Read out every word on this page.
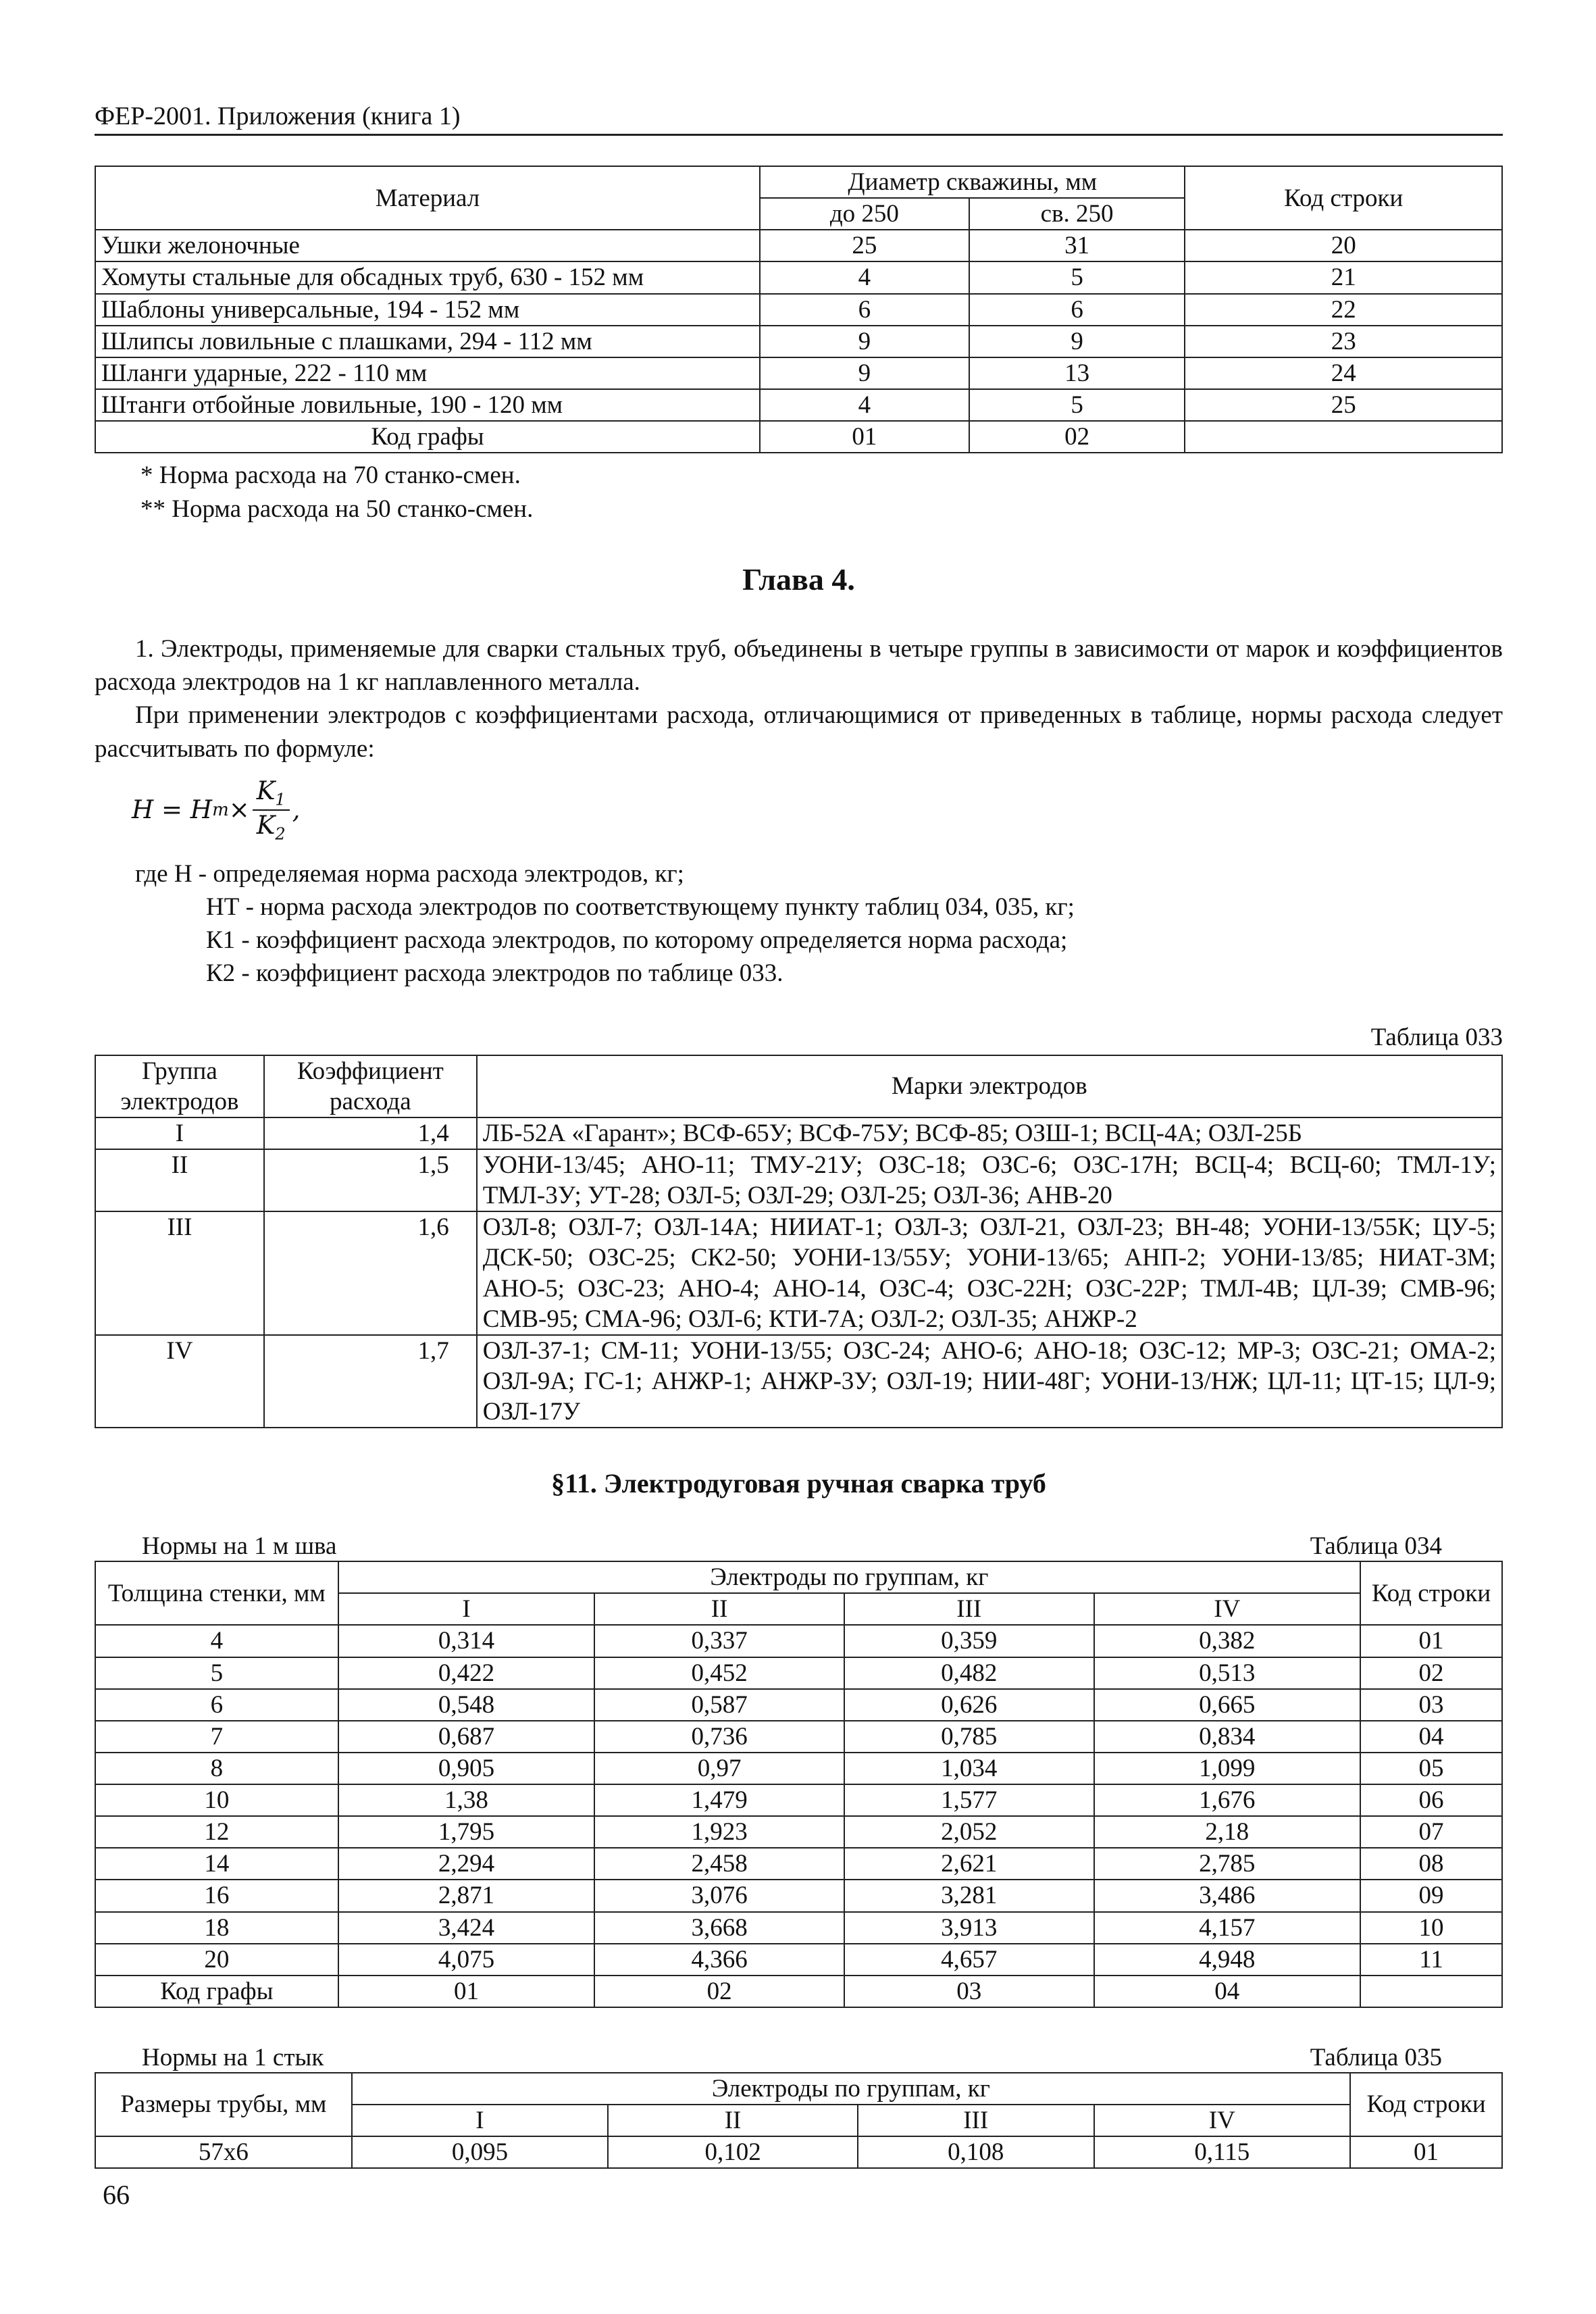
ФЕР-2001. Приложения (книга 1)
Материал	Диаметр скважины, мм		Код строки
	до 250	св. 250	
Ушки желоночные	25	31	20
Хомуты стальные для обсадных труб, 630 - 152 мм	4	5	21
Шаблоны универсальные, 194 - 152 мм	6	6	22
Шлипсы ловильные с плашками, 294 - 112 мм	9	9	23
Шланги ударные, 222 - 110 мм	9	13	24
Штанги отбойные ловильные, 190 - 120 мм	4	5	25
Код графы	01	02	
* Норма расхода на 70 станко-смен.
** Норма расхода на 50 станко-смен.
Глава 4.

1. Электроды, применяемые для сварки стальных труб, объединены в четыре группы в зависимости от марок и коэффициентов расхода электродов на 1 кг наплавленного металла.

При применении электродов с коэффициентами расхода, отличающимися от приведенных в таблице, нормы расхода следует рассчитывать по формуле:

H = H $т \times \frac{K_1}{K_2}$ ,
где Н - определяемая норма расхода электродов, кг;
НТ - норма расхода электродов по соответствующему пункту таблиц 034, 035, кг;
К1 - коэффициент расхода электродов, по которому определяется норма расхода;
К2 - коэффициент расхода электродов по таблице 033.
Таблица 033
Группа электродов	Коэффициент расхода	Марки электродов
I	1,4	ЛБ-52А «Гарант»; ВСФ-65У; ВСФ-75У; ВСФ-85; ОЗШ-1; ВСЦ-4А; ОЗЛ-25Б
II	1,5	УОНИ-13/45; АНО-11; ТМУ-21У; ОЗС-18; ОЗС-6; ОЗС-17Н; ВСЦ-4; ВСЦ-60; ТМЛ-1У; ТМЛ-3У; УТ-28; ОЗЛ-5; ОЗЛ-29; ОЗЛ-25; ОЗЛ-36; АНВ-20
III	1,6	ОЗЛ-8; ОЗЛ-7; ОЗЛ-14А; НИИАТ-1; ОЗЛ-3; ОЗЛ-21, ОЗЛ-23; ВН-48; УОНИ-13/55К; ЦУ-5; ДСК-50; ОЗС-25; СК2-50; УОНИ-13/55У; УОНИ-13/65; АНП-2; УОНИ-13/85; НИАТ-3М; АНО-5; ОЗС-23; АНО-4; АНО-14, ОЗС-4; ОЗС-22Н; ОЗС-22Р; ТМЛ-4В; ЦЛ-39; СМВ-96; СМВ-95; СМА-96; ОЗЛ-6; КТИ-7А; ОЗЛ-2; ОЗЛ-35; АНЖР-2
IV	1,7	ОЗЛ-37-1; СМ-11; УОНИ-13/55; ОЗС-24; АНО-6; АНО-18; ОЗС-12; МР-3; ОЗС-21; ОМА-2; ОЗЛ-9А; ГС-1; АНЖР-1; АНЖР-3У; ОЗЛ-19; НИИ-48Г; УОНИ-13/НЖ; ЦЛ-11; ЦТ-15; ЦЛ-9; ОЗЛ-17У
§11. Электродуговая ручная сварка труб
Нормы на 1 м шва	Таблица 034
Толщина стенки, мм	Электроды по группам, кг				Код строки
	I	II	III	IV	
4	0,314	0,337	0,359	0,382	01
5	0,422	0,452	0,482	0,513	02
6	0,548	0,587	0,626	0,665	03
7	0,687	0,736	0,785	0,834	04
8	0,905	0,97	1,034	1,099	05
10	1,38	1,479	1,577	1,676	06
12	1,795	1,923	2,052	2,18	07
14	2,294	2,458	2,621	2,785	08
16	2,871	3,076	3,281	3,486	09
18	3,424	3,668	3,913	4,157	10
20	4,075	4,366	4,657	4,948	11
Код графы	01	02	03	04	
Нормы на 1 стык	Таблица 035
Размеры трубы, мм	Электроды по группам, кг				Код строки
	I	II	III	IV	
57x6	0,095	0,102	0,108	0,115	01
66
